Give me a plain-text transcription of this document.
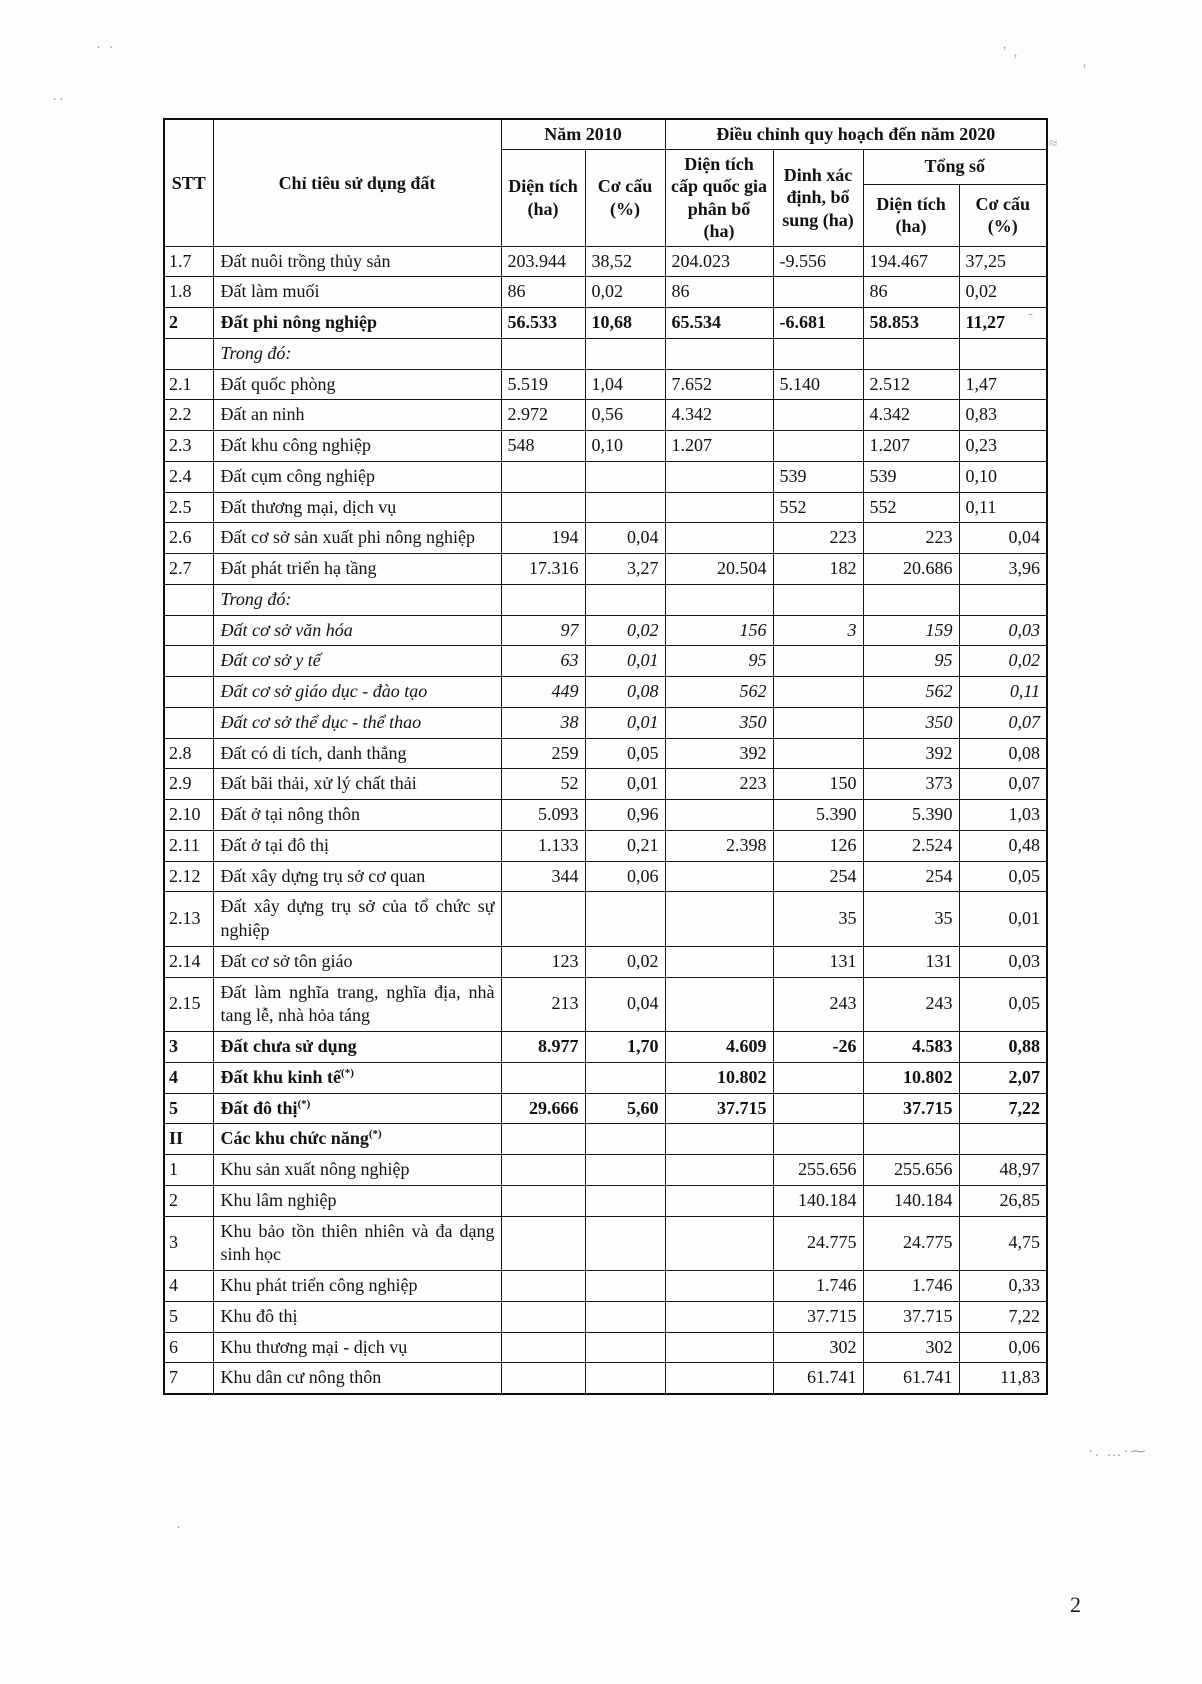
STT	Chỉ tiêu sử dụng đất	Năm 2010		Điều chỉnh quy hoạch đến năm 2020			
		Diện tích (ha)	Cơ cấu (%)	Diện tích cấp quốc gia phân bổ (ha)	Dinh xác định, bổ sung (ha)	Tổng số	
						Diện tích (ha)	Cơ cấu (%)
1.7	Đất nuôi trồng thủy sản	203.944	38,52	204.023	-9.556	194.467	37,25
1.8	Đất làm muối	86	0,02	86		86	0,02
2	Đất phi nông nghiệp	56.533	10,68	65.534	-6.681	58.853	11,27
	Trong đó:						
2.1	Đất quốc phòng	5.519	1,04	7.652	5.140	2.512	1,47
2.2	Đất an ninh	2.972	0,56	4.342		4.342	0,83
2.3	Đất khu công nghiệp	548	0,10	1.207		1.207	0,23
2.4	Đất cụm công nghiệp				539	539	0,10
2.5	Đất thương mại, dịch vụ				552	552	0,11
2.6	Đất cơ sở sản xuất phi nông nghiệp	194	0,04		223	223	0,04
2.7	Đất phát triển hạ tầng	17.316	3,27	20.504	182	20.686	3,96
	Trong đó:						
	Đất cơ sở văn hóa	97	0,02	156	3	159	0,03
	Đất cơ sở y tế	63	0,01	95		95	0,02
	Đất cơ sở giáo dục - đào tạo	449	0,08	562		562	0,11
	Đất cơ sở thể dục - thể thao	38	0,01	350		350	0,07
2.8	Đất có di tích, danh thắng	259	0,05	392		392	0,08
2.9	Đất bãi thải, xử lý chất thải	52	0,01	223	150	373	0,07
2.10	Đất ở tại nông thôn	5.093	0,96		5.390	5.390	1,03
2.11	Đất ở tại đô thị	1.133	0,21	2.398	126	2.524	0,48
2.12	Đất xây dựng trụ sở cơ quan	344	0,06		254	254	0,05
2.13	Đất xây dựng trụ sở của tổ chức sự nghiệp				35	35	0,01
2.14	Đất cơ sở tôn giáo	123	0,02		131	131	0,03
2.15	Đất làm nghĩa trang, nghĩa địa, nhà tang lễ, nhà hỏa táng	213	0,04		243	243	0,05
3	Đất chưa sử dụng	8.977	1,70	4.609	-26	4.583	0,88
4	Đất khu kinh tế(*)			10.802		10.802	2,07
5	Đất đô thị(*)	29.666	5,60	37.715		37.715	7,22
II	Các khu chức năng(*)						
1	Khu sản xuất nông nghiệp				255.656	255.656	48,97
2	Khu lâm nghiệp				140.184	140.184	26,85
3	Khu bảo tồn thiên nhiên và đa dạng sinh học				24.775	24.775	4,75
4	Khu phát triển công nghiệp				1.746	1.746	0,33
5	Khu đô thị				37.715	37.715	7,22
6	Khu thương mại - dịch vụ				302	302	0,06
7	Khu dân cư nông thôn				61.741	61.741	11,83
2
’ ,
’
· ·
··
≈
-
·. …·⁓
·
